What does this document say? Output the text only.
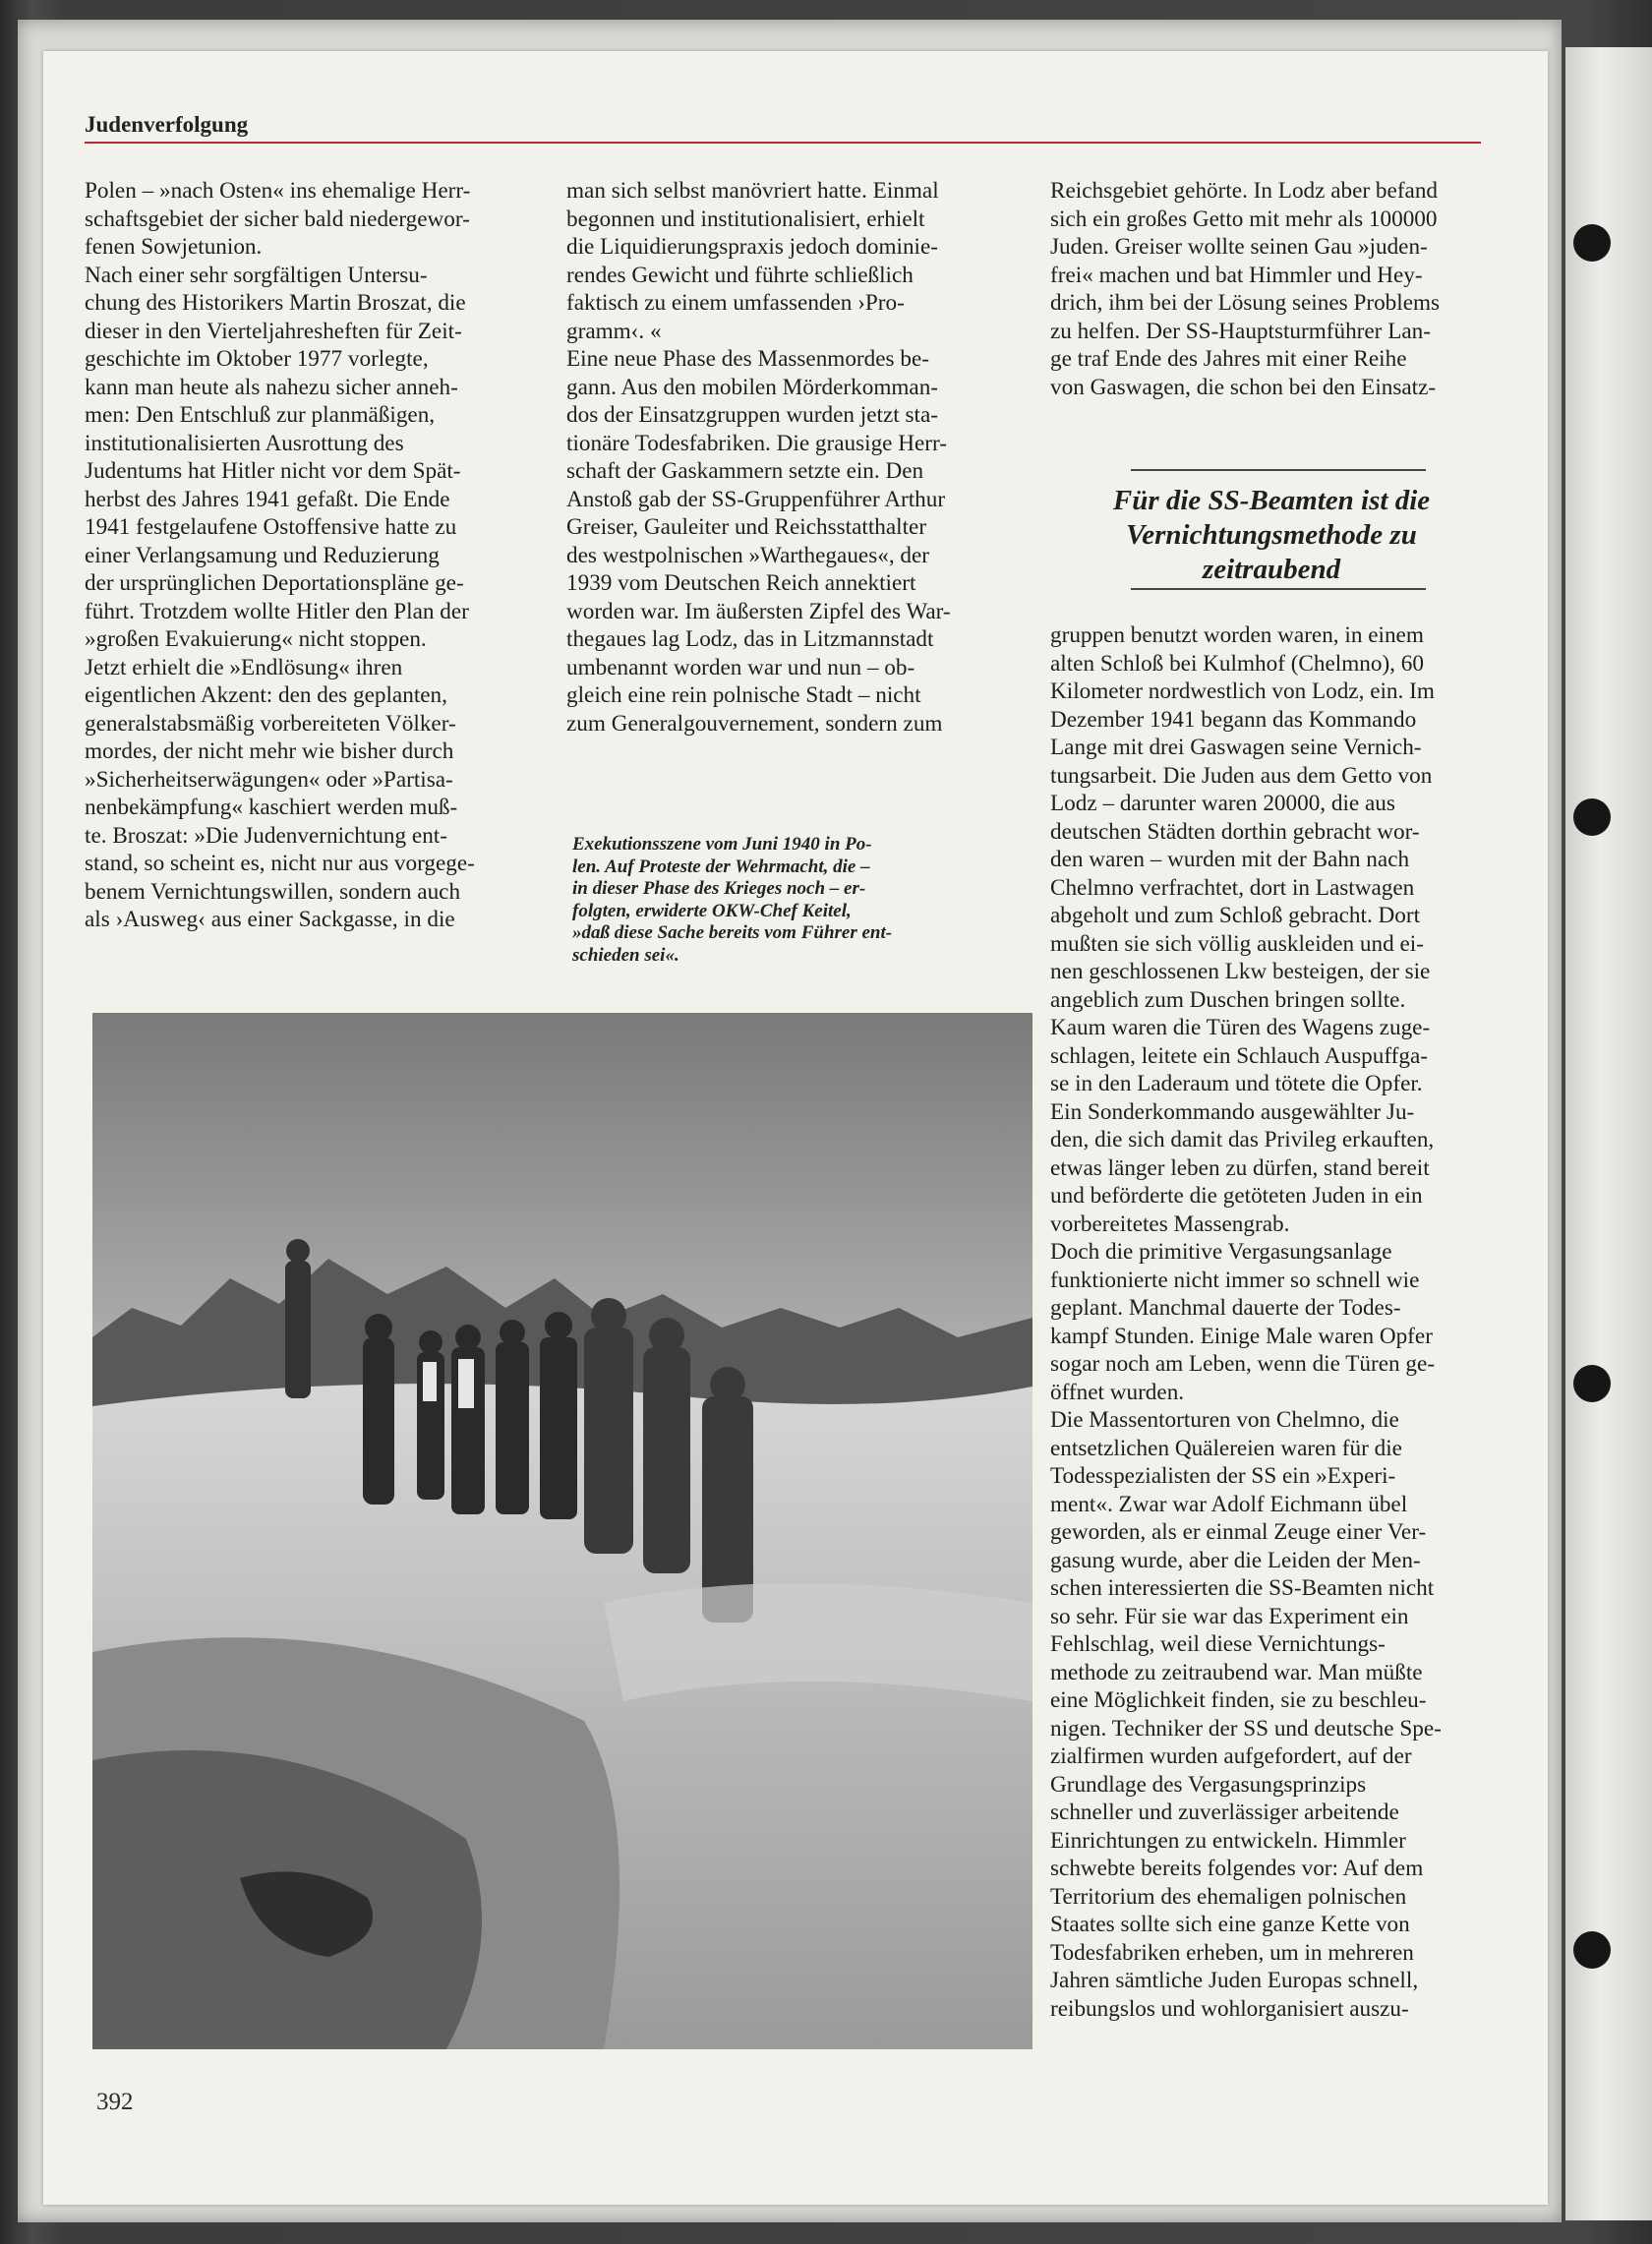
Judenverfolgung

Polen – »nach Osten« ins ehemalige Herr-

schaftsgebiet der sicher bald niedergewor-

fenen Sowjetunion.

Nach einer sehr sorgfältigen Untersu-

chung des Historikers Martin Broszat, die

dieser in den Vierteljahresheften für Zeit-

geschichte im Oktober 1977 vorlegte,

kann man heute als nahezu sicher anneh-

men: Den Entschluß zur planmäßigen,

institutionalisierten Ausrottung des

Judentums hat Hitler nicht vor dem Spät-

herbst des Jahres 1941 gefaßt. Die Ende

1941 festgelaufene Ostoffensive hatte zu

einer Verlangsamung und Reduzierung

der ursprünglichen Deportationspläne ge-

führt. Trotzdem wollte Hitler den Plan der

»großen Evakuierung« nicht stoppen.

Jetzt erhielt die »Endlösung« ihren

eigentlichen Akzent: den des geplanten,

generalstabsmäßig vorbereiteten Völker-

mordes, der nicht mehr wie bisher durch

»Sicherheitserwägungen« oder »Partisa-

nenbekämpfung« kaschiert werden muß-

te. Broszat: »Die Judenvernichtung ent-

stand, so scheint es, nicht nur aus vorgege-

benem Vernichtungswillen, sondern auch

als ›Ausweg‹ aus einer Sackgasse, in die

man sich selbst manövriert hatte. Einmal

begonnen und institutionalisiert, erhielt

die Liquidierungspraxis jedoch dominie-

rendes Gewicht und führte schließlich

faktisch zu einem umfassenden ›Pro-

gramm‹. «

Eine neue Phase des Massenmordes be-

gann. Aus den mobilen Mörderkomman-

dos der Einsatzgruppen wurden jetzt sta-

tionäre Todesfabriken. Die grausige Herr-

schaft der Gaskammern setzte ein. Den

Anstoß gab der SS-Gruppenführer Arthur

Greiser, Gauleiter und Reichsstatthalter

des westpolnischen »Warthegaues«, der

1939 vom Deutschen Reich annektiert

worden war. Im äußersten Zipfel des War-

thegaues lag Lodz, das in Litzmannstadt

umbenannt worden war und nun – ob-

gleich eine rein polnische Stadt – nicht

zum Generalgouvernement, sondern zum

Reichsgebiet gehörte. In Lodz aber befand

sich ein großes Getto mit mehr als 100000

Juden. Greiser wollte seinen Gau »juden-

frei« machen und bat Himmler und Hey-

drich, ihm bei der Lösung seines Problems

zu helfen. Der SS-Hauptsturmführer Lan-

ge traf Ende des Jahres mit einer Reihe

von Gaswagen, die schon bei den Einsatz-

Für die SS-Beamten ist die
Vernichtungsmethode zu
zeitraubend

gruppen benutzt worden waren, in einem

alten Schloß bei Kulmhof (Chelmno), 60

Kilometer nordwestlich von Lodz, ein. Im

Dezember 1941 begann das Kommando

Lange mit drei Gaswagen seine Vernich-

tungsarbeit. Die Juden aus dem Getto von

Lodz – darunter waren 20000, die aus

deutschen Städten dorthin gebracht wor-

den waren – wurden mit der Bahn nach

Chelmno verfrachtet, dort in Lastwagen

abgeholt und zum Schloß gebracht. Dort

mußten sie sich völlig auskleiden und ei-

nen geschlossenen Lkw besteigen, der sie

angeblich zum Duschen bringen sollte.

Kaum waren die Türen des Wagens zuge-

schlagen, leitete ein Schlauch Auspuffga-

se in den Laderaum und tötete die Opfer.

Ein Sonderkommando ausgewählter Ju-

den, die sich damit das Privileg erkauften,

etwas länger leben zu dürfen, stand bereit

und beförderte die getöteten Juden in ein

vorbereitetes Massengrab.

Doch die primitive Vergasungsanlage

funktionierte nicht immer so schnell wie

geplant. Manchmal dauerte der Todes-

kampf Stunden. Einige Male waren Opfer

sogar noch am Leben, wenn die Türen ge-

öffnet wurden.

Die Massentorturen von Chelmno, die

entsetzlichen Quälereien waren für die

Todesspezialisten der SS ein »Experi-

ment«. Zwar war Adolf Eichmann übel

geworden, als er einmal Zeuge einer Ver-

gasung wurde, aber die Leiden der Men-

schen interessierten die SS-Beamten nicht

so sehr. Für sie war das Experiment ein

Fehlschlag, weil diese Vernichtungs-

methode zu zeitraubend war. Man müßte

eine Möglichkeit finden, sie zu beschleu-

nigen. Techniker der SS und deutsche Spe-

zialfirmen wurden aufgefordert, auf der

Grundlage des Vergasungsprinzips

schneller und zuverlässiger arbeitende

Einrichtungen zu entwickeln. Himmler

schwebte bereits folgendes vor: Auf dem

Territorium des ehemaligen polnischen

Staates sollte sich eine ganze Kette von

Todesfabriken erheben, um in mehreren

Jahren sämtliche Juden Europas schnell,

reibungslos und wohlorganisiert auszu-

Exekutionsszene vom Juni 1940 in Po-
len. Auf Proteste der Wehrmacht, die –
in dieser Phase des Krieges noch – er-
folgten, erwiderte OKW-Chef Keitel,
»daß diese Sache bereits vom Führer ent-
schieden sei«.
392
